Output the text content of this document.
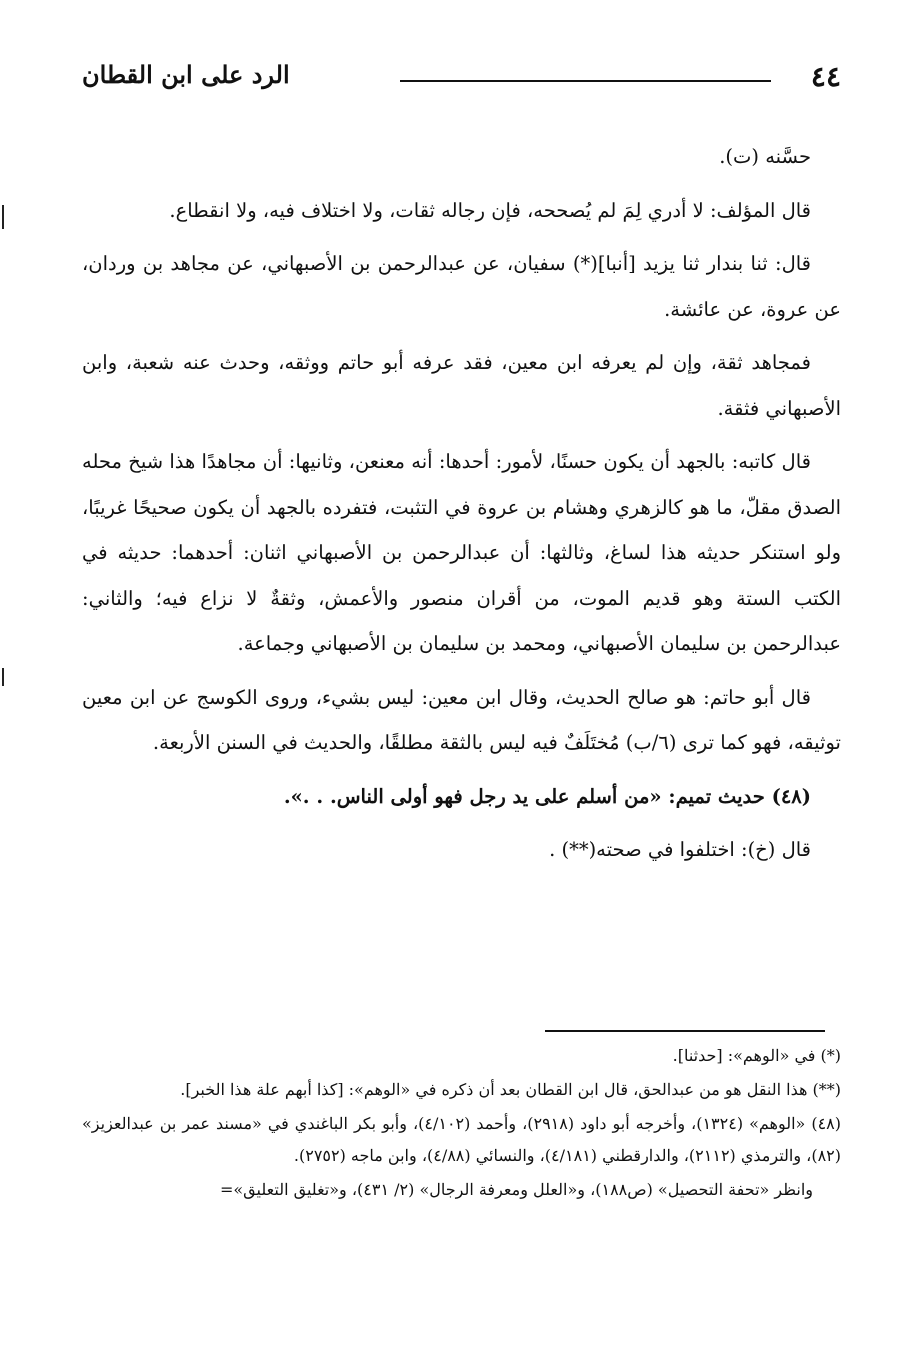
٤٤
الرد على ابن القطان

حسَّنه (ت).

قال المؤلف: لا أدري لِمَ لم يُصححه، فإن رجاله ثقات، ولا اختلاف فيه، ولا انقطاع.

قال: ثنا بندار ثنا يزيد [أنبا](*) سفيان، عن عبدالرحمن بن الأصبهاني، عن مجاهد بن وردان، عن عروة، عن عائشة.

فمجاهد ثقة، وإن لم يعرفه ابن معين، فقد عرفه أبو حاتم ووثقه، وحدث عنه شعبة، وابن الأصبهاني فثقة.

قال كاتبه: بالجهد أن يكون حسنًا، لأمور: أحدها: أنه معنعن، وثانيها: أن مجاهدًا هذا شيخ محله الصدق مقلّ، ما هو كالزهري وهشام بن عروة في التثبت، فتفرده بالجهد أن يكون صحيحًا غريبًا، ولو استنكر حديثه هذا لساغ، وثالثها: أن عبدالرحمن بن الأصبهاني اثنان: أحدهما: حديثه في الكتب الستة وهو قديم الموت، من أقران منصور والأعمش، وثقةٌ لا نزاع فيه؛ والثاني: عبدالرحمن بن سليمان الأصبهاني، ومحمد بن سليمان بن الأصبهاني وجماعة.

قال أبو حاتم: هو صالح الحديث، وقال ابن معين: ليس بشيء، وروى الكوسج عن ابن معين توثيقه، فهو كما ترى (٦/ب) مُختَلَفٌ فيه ليس بالثقة مطلقًا، والحديث في السنن الأربعة.

(٤٨) حديث تميم: «من أسلم على يد رجل فهو أولى الناس. . .».

قال (خ): اختلفوا في صحته(**) .

(*) في «الوهم»: [حدثنا].

(**) هذا النقل هو من عبدالحق، قال ابن القطان بعد أن ذكره في «الوهم»: [كذا أبهم علة هذا الخبر].

(٤٨) «الوهم» (١٣٢٤)، وأخرجه أبو داود (٢٩١٨)، وأحمد (٤/١٠٢)، وأبو بكر الباغندي في «مسند عمر بن عبدالعزيز» (٨٢)، والترمذي (٢١١٢)، والدارقطني (٤/١٨١)، والنسائي (٤/٨٨)، وابن ماجه (٢٧٥٢).

وانظر «تحفة التحصيل» (ص١٨٨)، و«العلل ومعرفة الرجال» (٢/ ٤٣١)، و«تغليق التعليق»=
